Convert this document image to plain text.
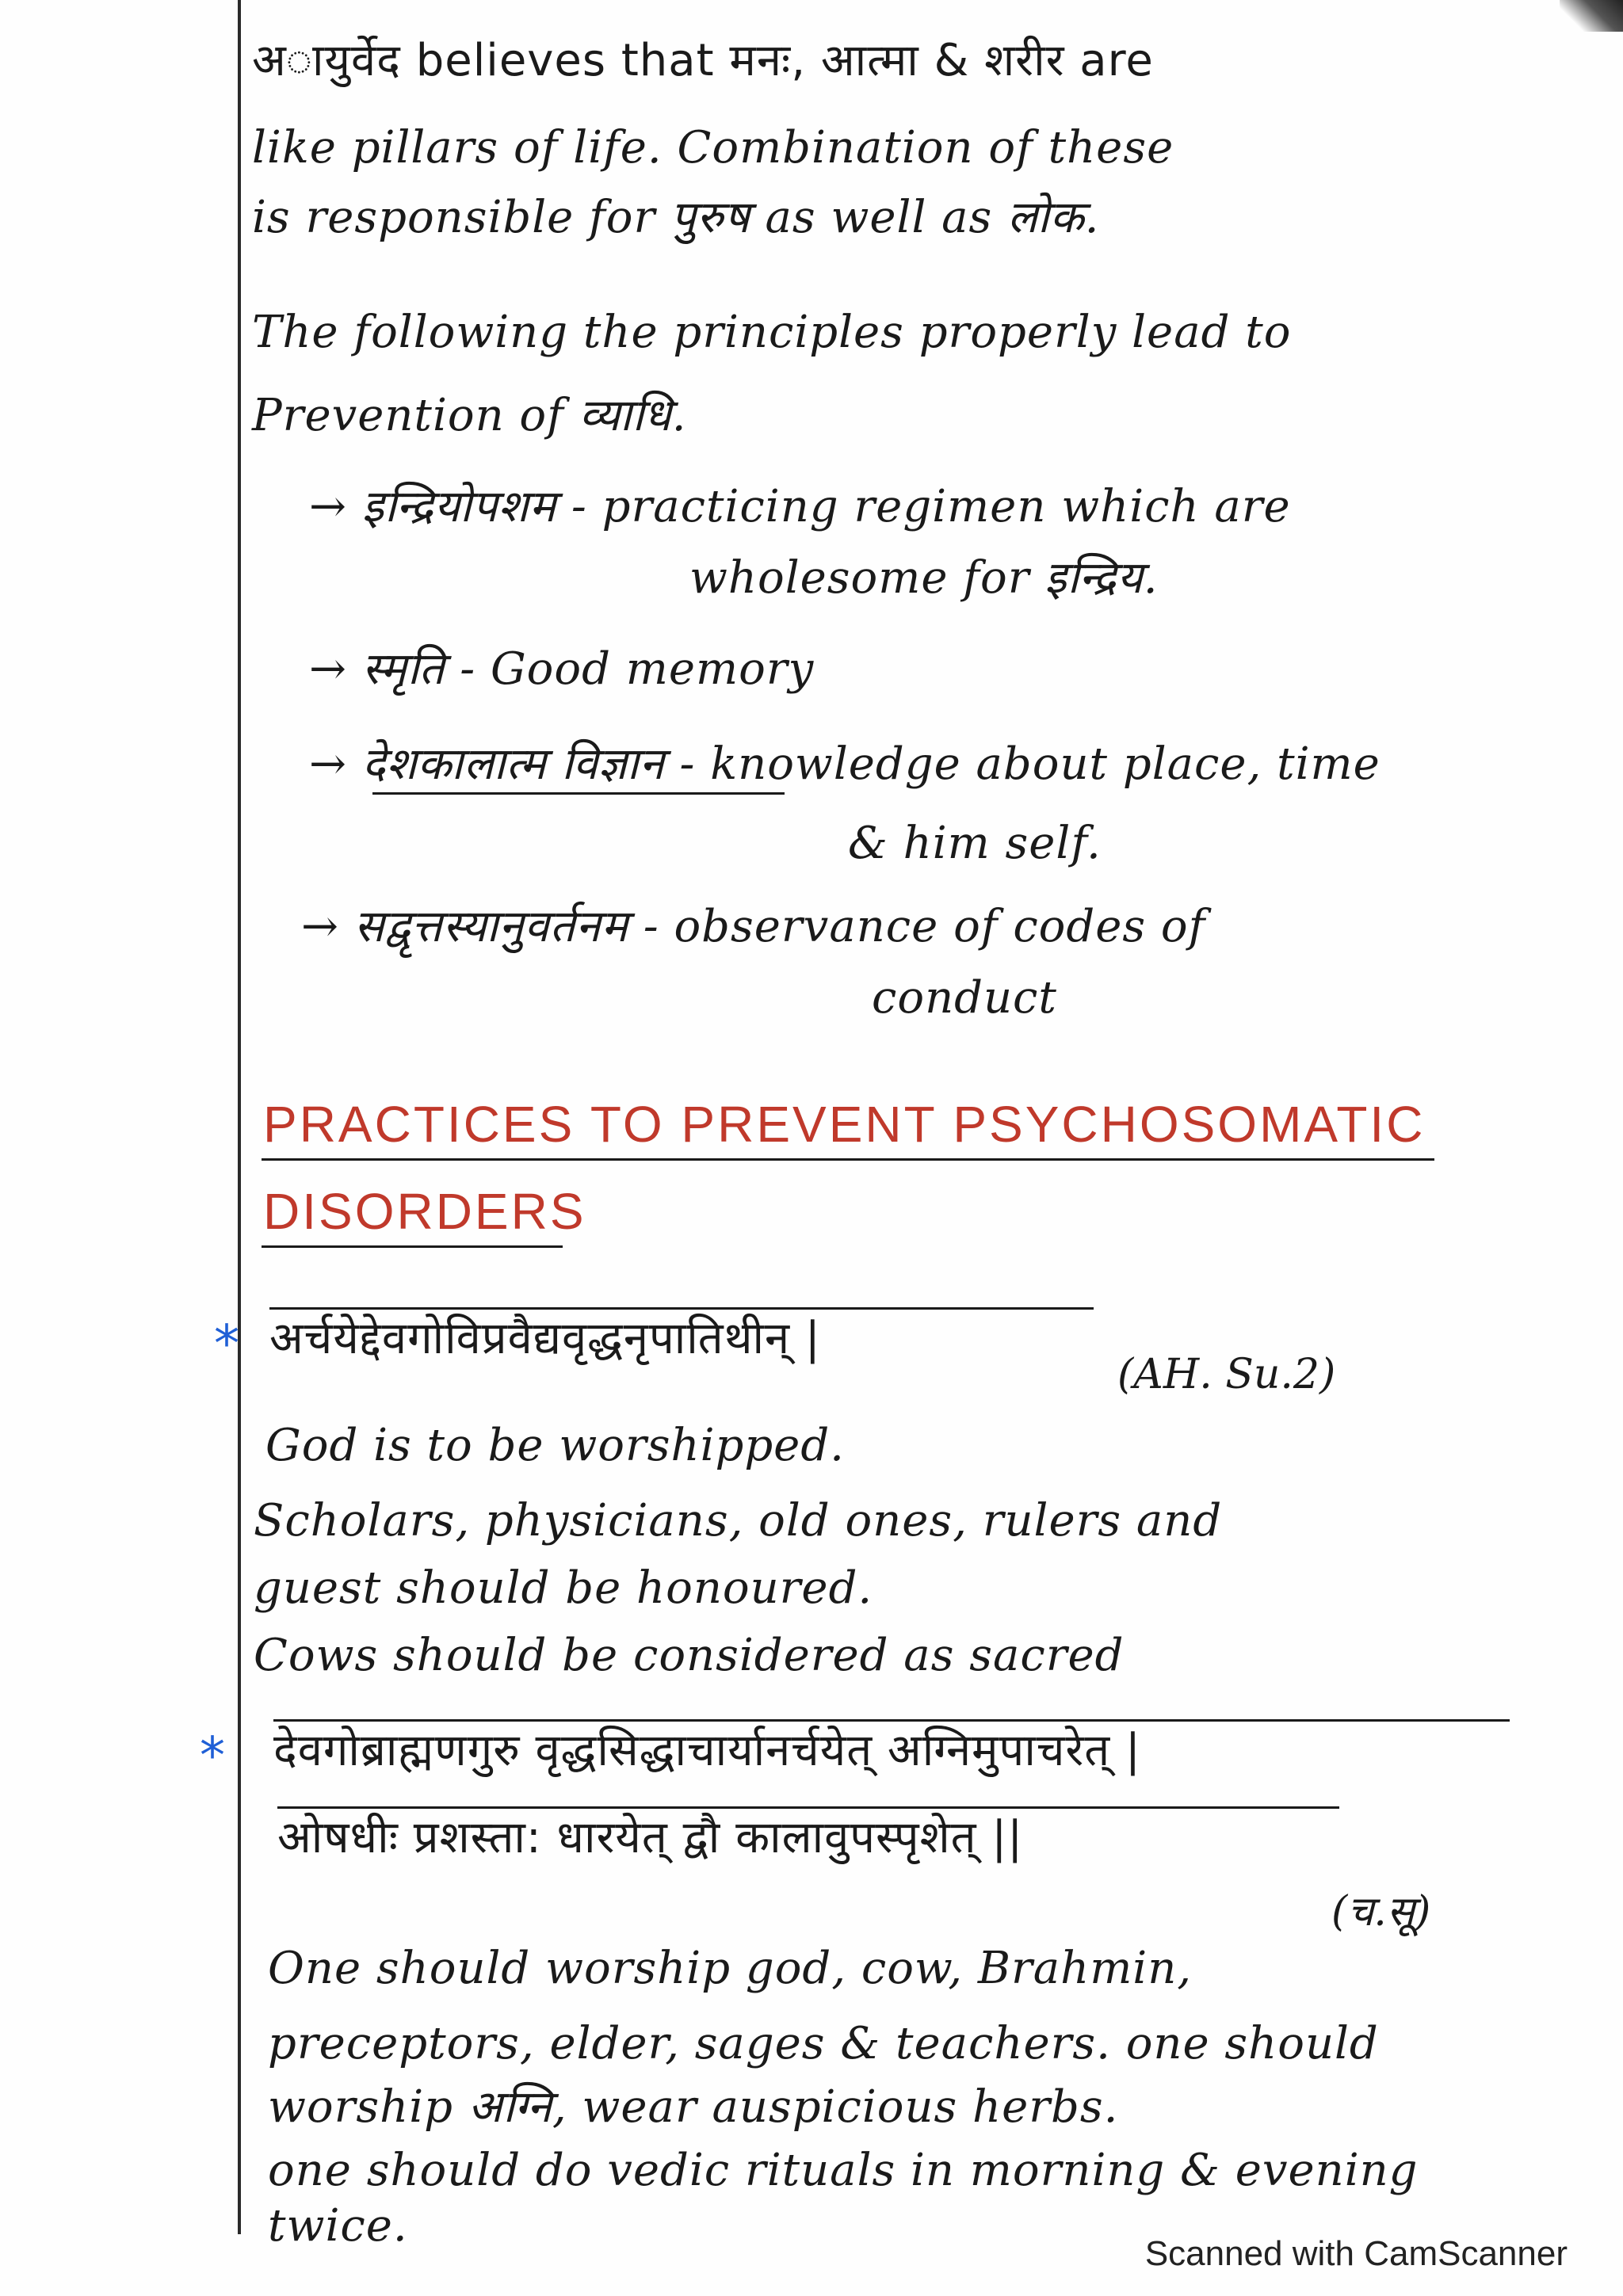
अायुर्वेद believes that मनः, आत्मा & शरीर are
like pillars of life. Combination of these
is responsible for पुरुष as well as लोक.
The following the principles properly lead to
Prevention of व्याधि.
→ इन्द्रियोपशम - practicing regimen which are
wholesome for इन्द्रिय.
→ स्मृति - Good memory
→ देशकालात्म विज्ञान - knowledge about place, time
& him self.
→ सद्वृत्तस्यानुवर्तनम - observance of codes of
conduct
PRACTICES TO PREVENT PSYCHOSOMATIC
DISORDERS
* अर्चयेद्देवगोविप्रवैद्यवृद्धनृपातिथीन् |
(AH. Su.2)
God is to be worshipped.
Scholars, physicians, old ones, rulers and
guest should be honoured.
Cows should be considered as sacred
* देवगोब्राह्मणगुरु वृद्धसिद्धाचार्यानर्चयेत् अग्निमुपाचरेत् |
ओषधीः प्रशस्ता: धारयेत् द्वौ कालावुपस्पृशेत् ||
(च.सू)
One should worship god, cow, Brahmin,
preceptors, elder, sages & teachers. one should
worship अग्नि, wear auspicious herbs.
one should do vedic rituals in morning & evening
twice.
Scanned with CamScanner
